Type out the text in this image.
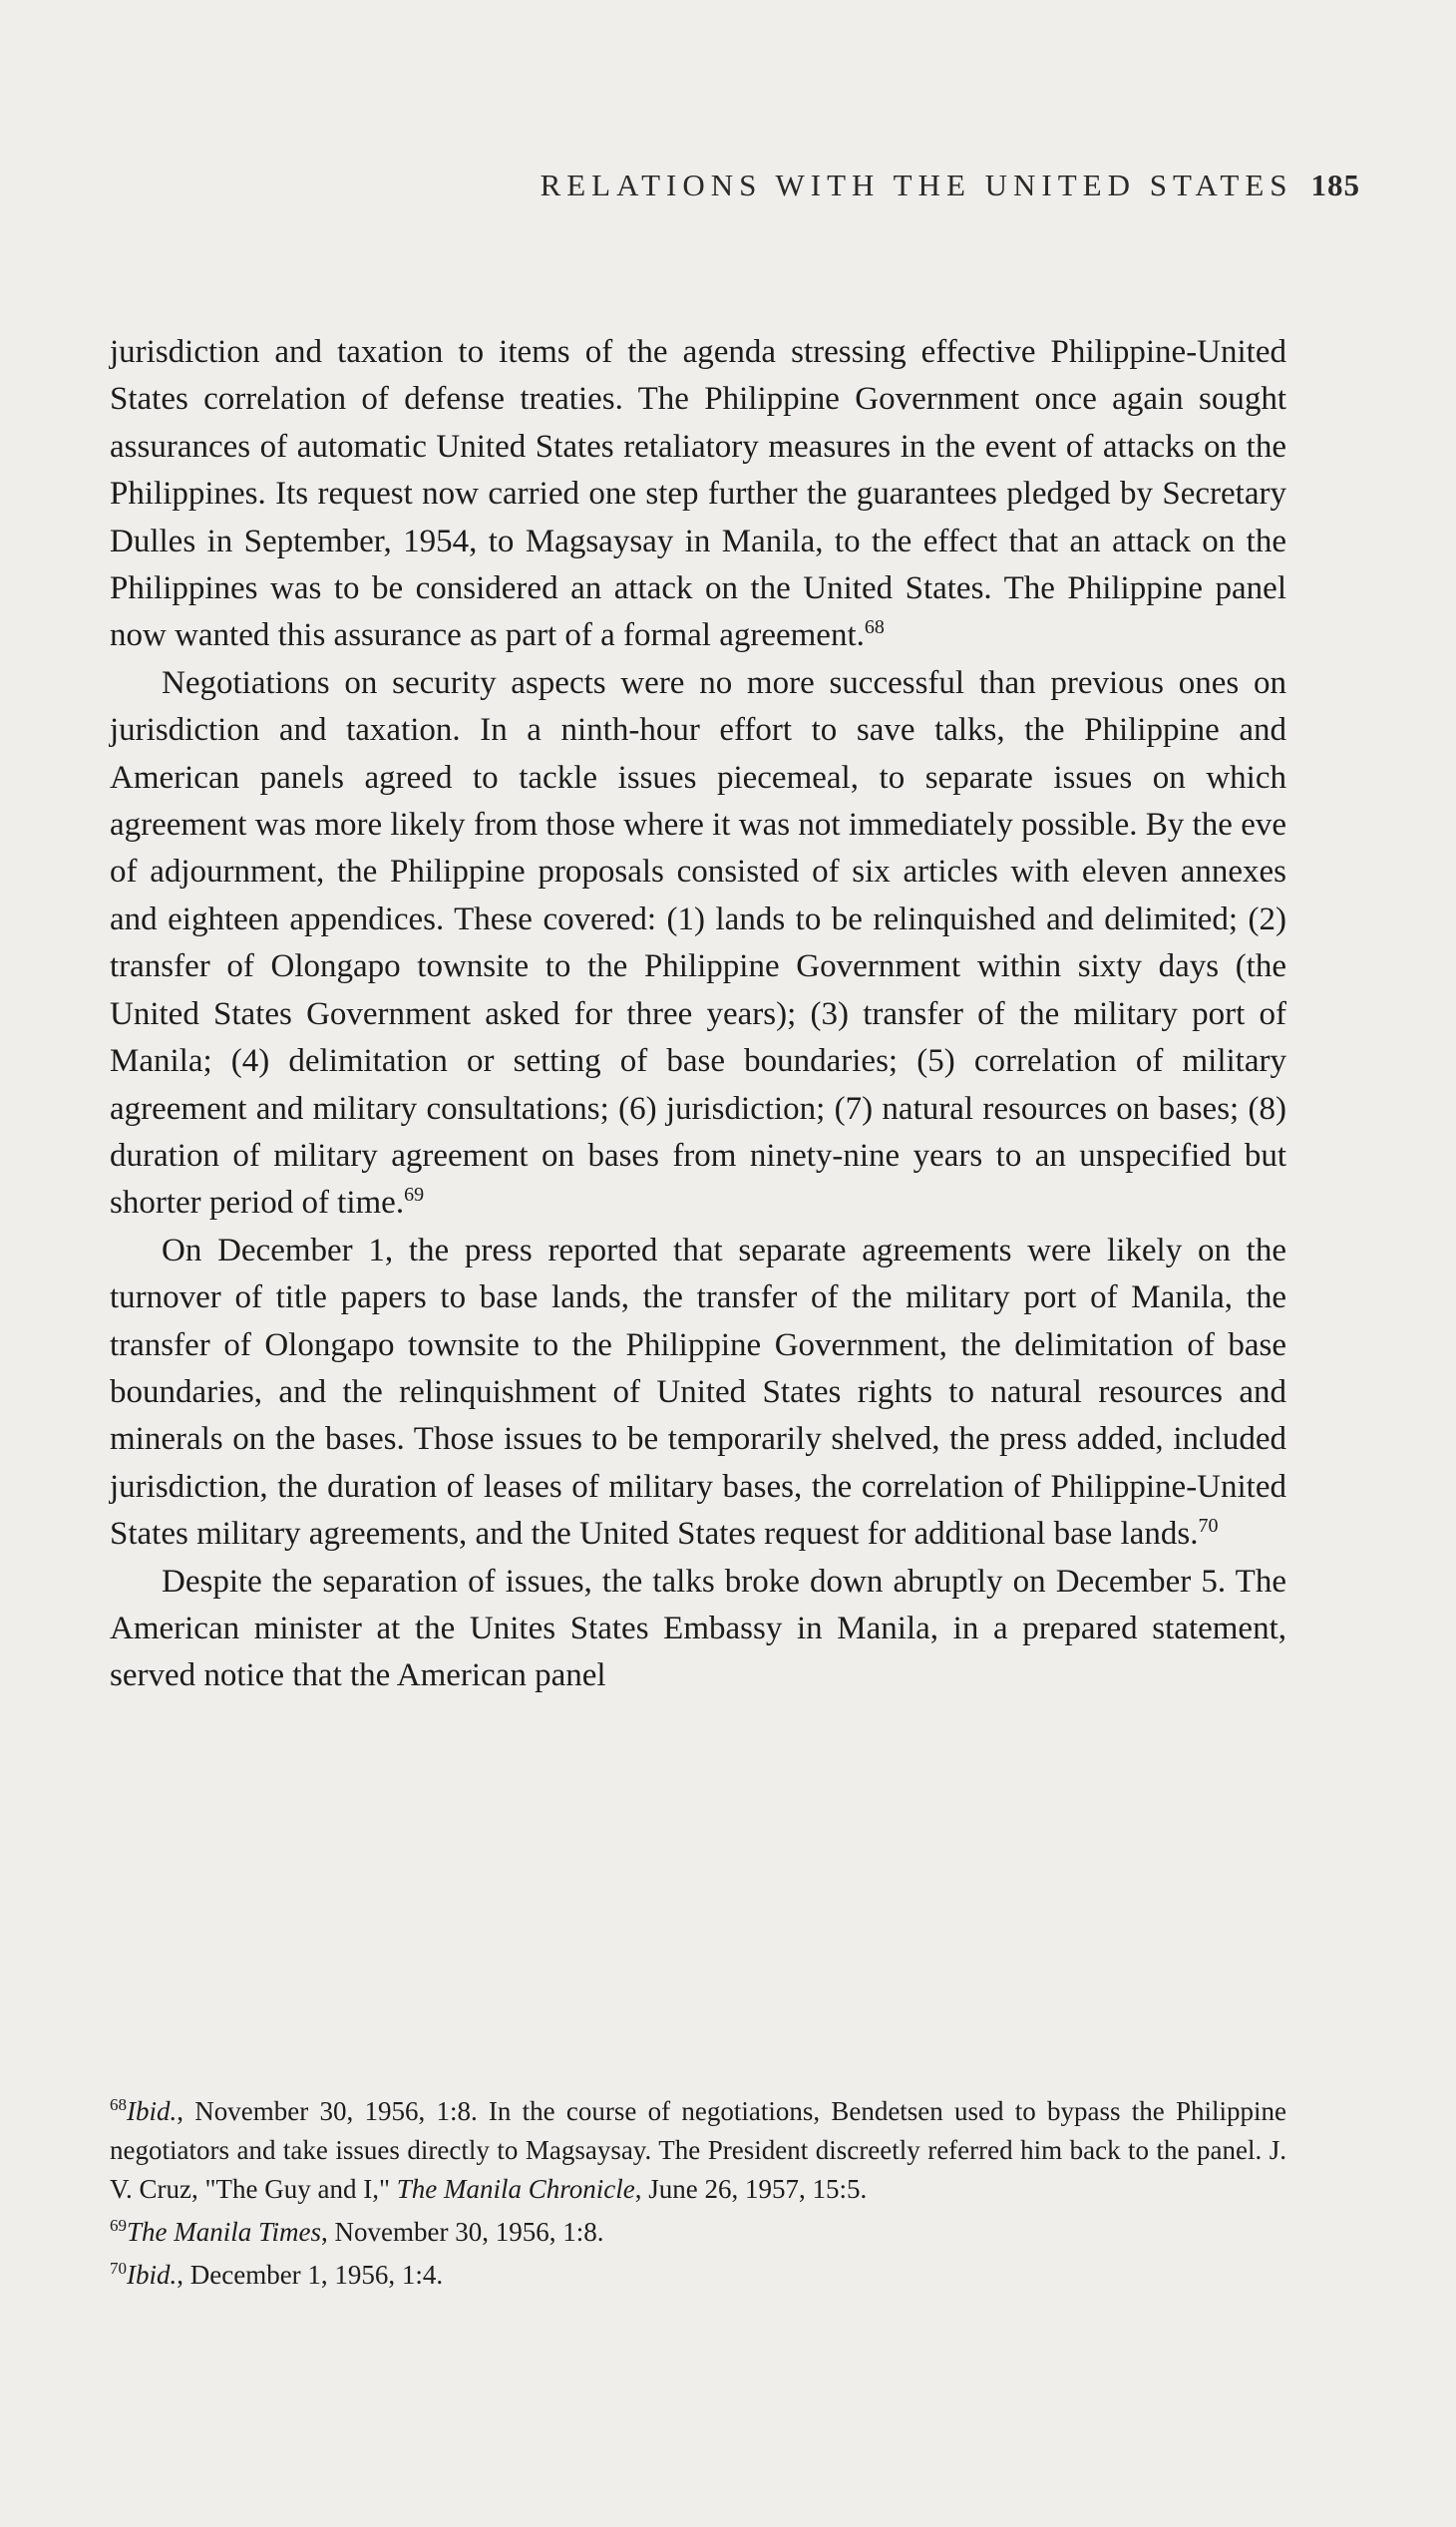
RELATIONS WITH THE UNITED STATES 185

jurisdiction and taxation to items of the agenda stressing effective Philippine-United States correlation of defense treaties. The Philippine Government once again sought assurances of automatic United States retaliatory measures in the event of attacks on the Philippines. Its request now carried one step further the guarantees pledged by Secretary Dulles in September, 1954, to Magsaysay in Manila, to the effect that an attack on the Philippines was to be considered an attack on the United States. The Philippine panel now wanted this assurance as part of a formal agreement.$^{68}$

Negotiations on security aspects were no more successful than previous ones on jurisdiction and taxation. In a ninth-hour effort to save talks, the Philippine and American panels agreed to tackle issues piecemeal, to separate issues on which agreement was more likely from those where it was not immediately possible. By the eve of adjournment, the Philippine proposals consisted of six articles with eleven annexes and eighteen appendices. These covered: (1) lands to be relinquished and delimited; (2) transfer of Olongapo townsite to the Philippine Government within sixty days (the United States Government asked for three years); (3) transfer of the military port of Manila; (4) delimitation or setting of base boundaries; (5) correlation of military agreement and military consultations; (6) jurisdiction; (7) natural resources on bases; (8) duration of military agreement on bases from ninety-nine years to an unspecified but shorter period of time.$^{69}$

On December 1, the press reported that separate agreements were likely on the turnover of title papers to base lands, the transfer of the military port of Manila, the transfer of Olongapo townsite to the Philippine Government, the delimitation of base boundaries, and the relinquishment of United States rights to natural resources and minerals on the bases. Those issues to be temporarily shelved, the press added, included jurisdiction, the duration of leases of military bases, the correlation of Philippine-United States military agreements, and the United States request for additional base lands.$^{70}$

Despite the separation of issues, the talks broke down abruptly on December 5. The American minister at the Unites States Embassy in Manila, in a prepared statement, served notice that the American panel

$^{68}$Ibid., November 30, 1956, 1:8. In the course of negotiations, Bendetsen used to bypass the Philippine negotiators and take issues directly to Magsaysay. The President discreetly referred him back to the panel. J. V. Cruz, "The Guy and I," The Manila Chronicle, June 26, 1957, 15:5.

$^{69}$The Manila Times, November 30, 1956, 1:8.

$^{70}$Ibid., December 1, 1956, 1:4.
